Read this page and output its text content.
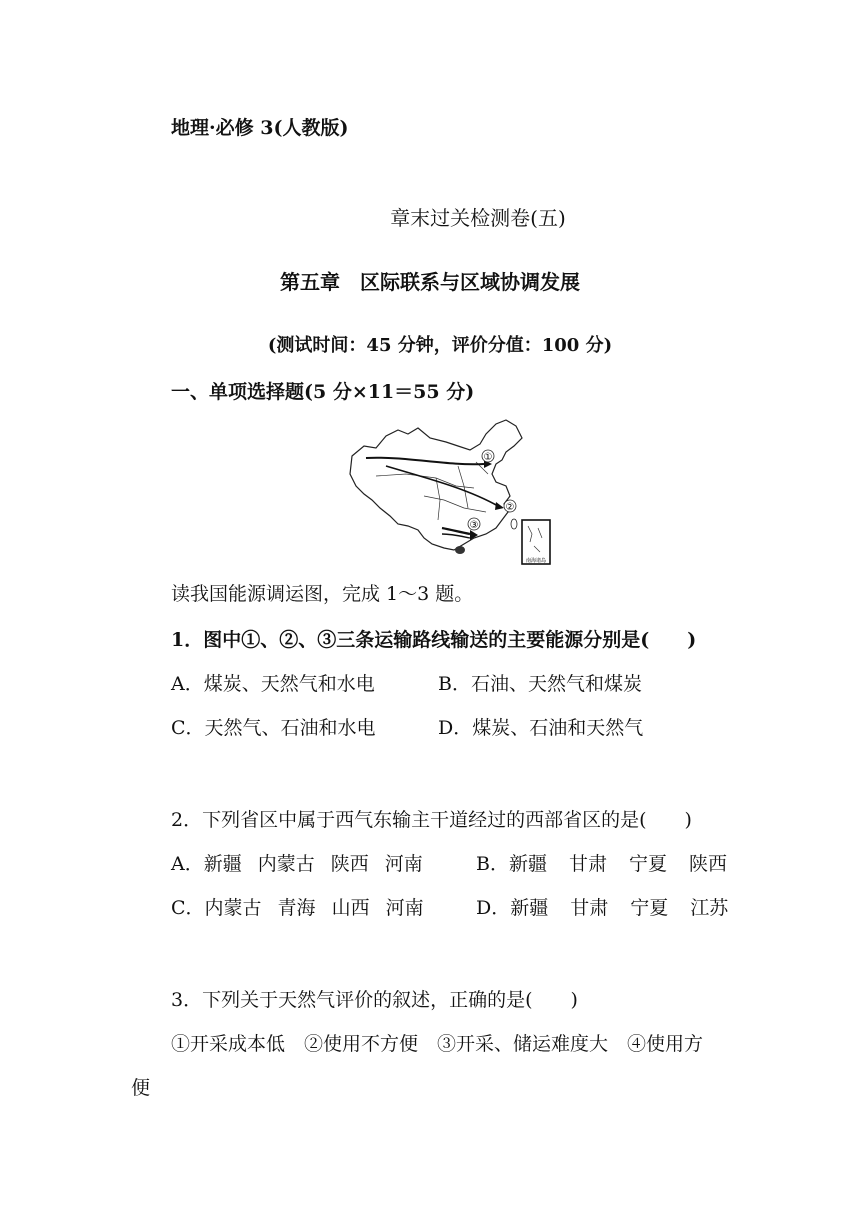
地理·必修 3(人教版)
章末过关检测卷(五)
第五章　区际联系与区域协调发展
(测试时间：45 分钟，评价分值：100 分)
一、单项选择题(5 分×11＝55 分)
①
②
③
南海诸岛
读我国能源调运图，完成 1～3 题。
1．图中①、②、③三条运输路线输送的主要能源分别是(　　)
A．煤炭、天然气和水电	B．石油、天然气和煤炭
C．天然气、石油和水电	D．煤炭、石油和天然气
2．下列省区中属于西气东输主干道经过的西部省区的是(　　)
A．新疆 内蒙古 陕西 河南	B．新疆 甘肃 宁夏 陕西
C．内蒙古 青海 山西 河南	D．新疆 甘肃 宁夏 江苏
3．下列关于天然气评价的叙述，正确的是(　　)
①开采成本低　②使用不方便　③开采、储运难度大　④使用方
便
